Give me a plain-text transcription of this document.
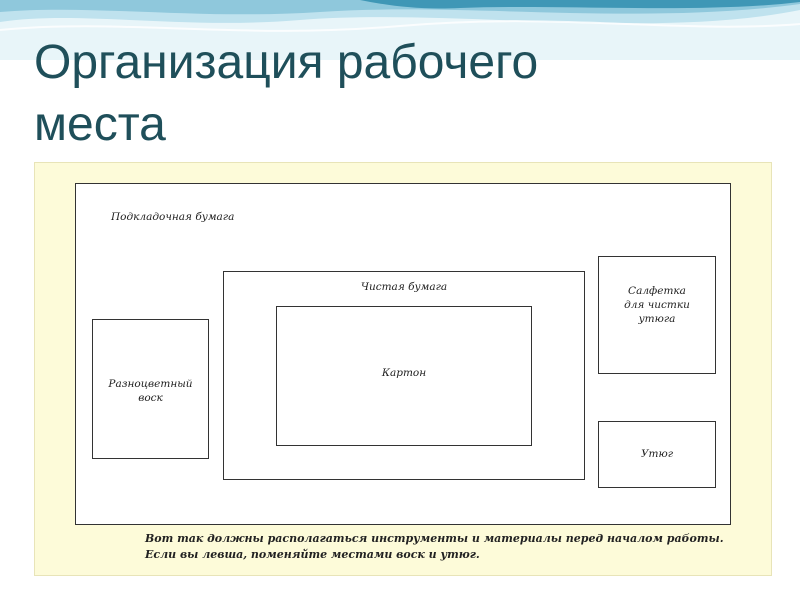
Организация рабочего
места
Подкладочная бумага
Чистая бумага
Картон
Разноцветный
воск
Салфетка
для чистки
утюга
Утюг
Вот так должны располагаться инструменты и материалы перед началом работы.
Если вы левша, поменяйте местами воск и утюг.
